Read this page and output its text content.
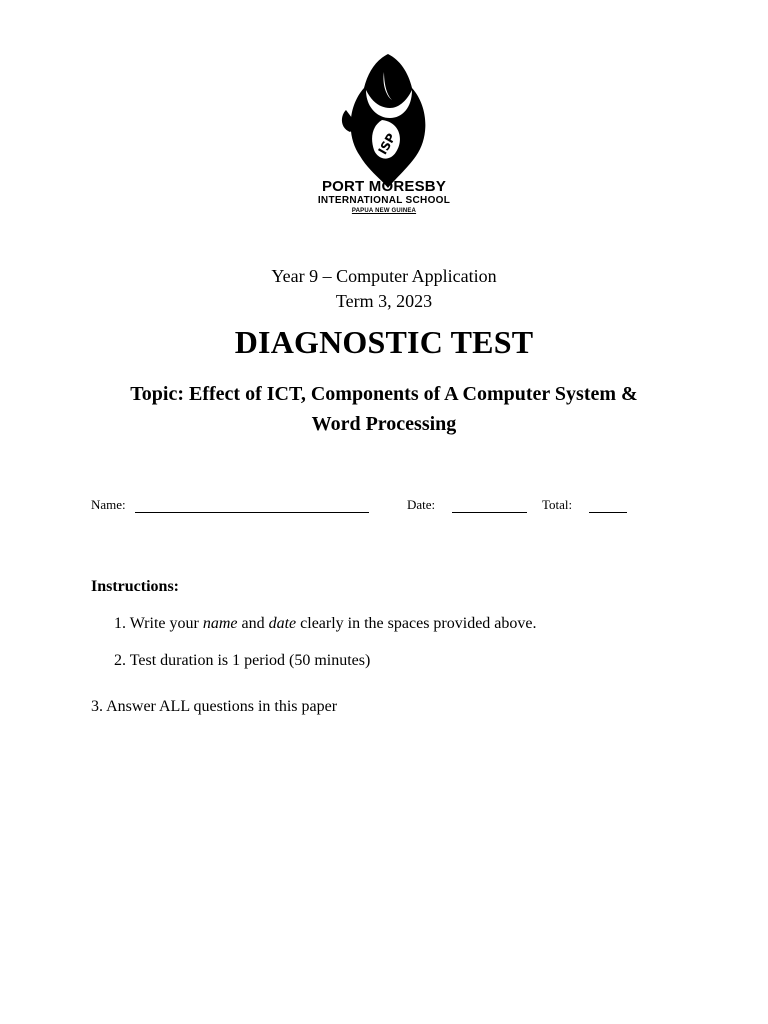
ISP
PORT MORESBY
INTERNATIONAL SCHOOL
PAPUA NEW GUINEA
Year 9 – Computer Application
Term 3, 2023
DIAGNOSTIC TEST
Topic: Effect of ICT, Components of A Computer System &
Word Processing
Name:	Date:	Total:
Instructions:
1. Write your name and date clearly in the spaces provided above.
2. Test duration is 1 period (50 minutes)
3. Answer ALL questions in this paper
